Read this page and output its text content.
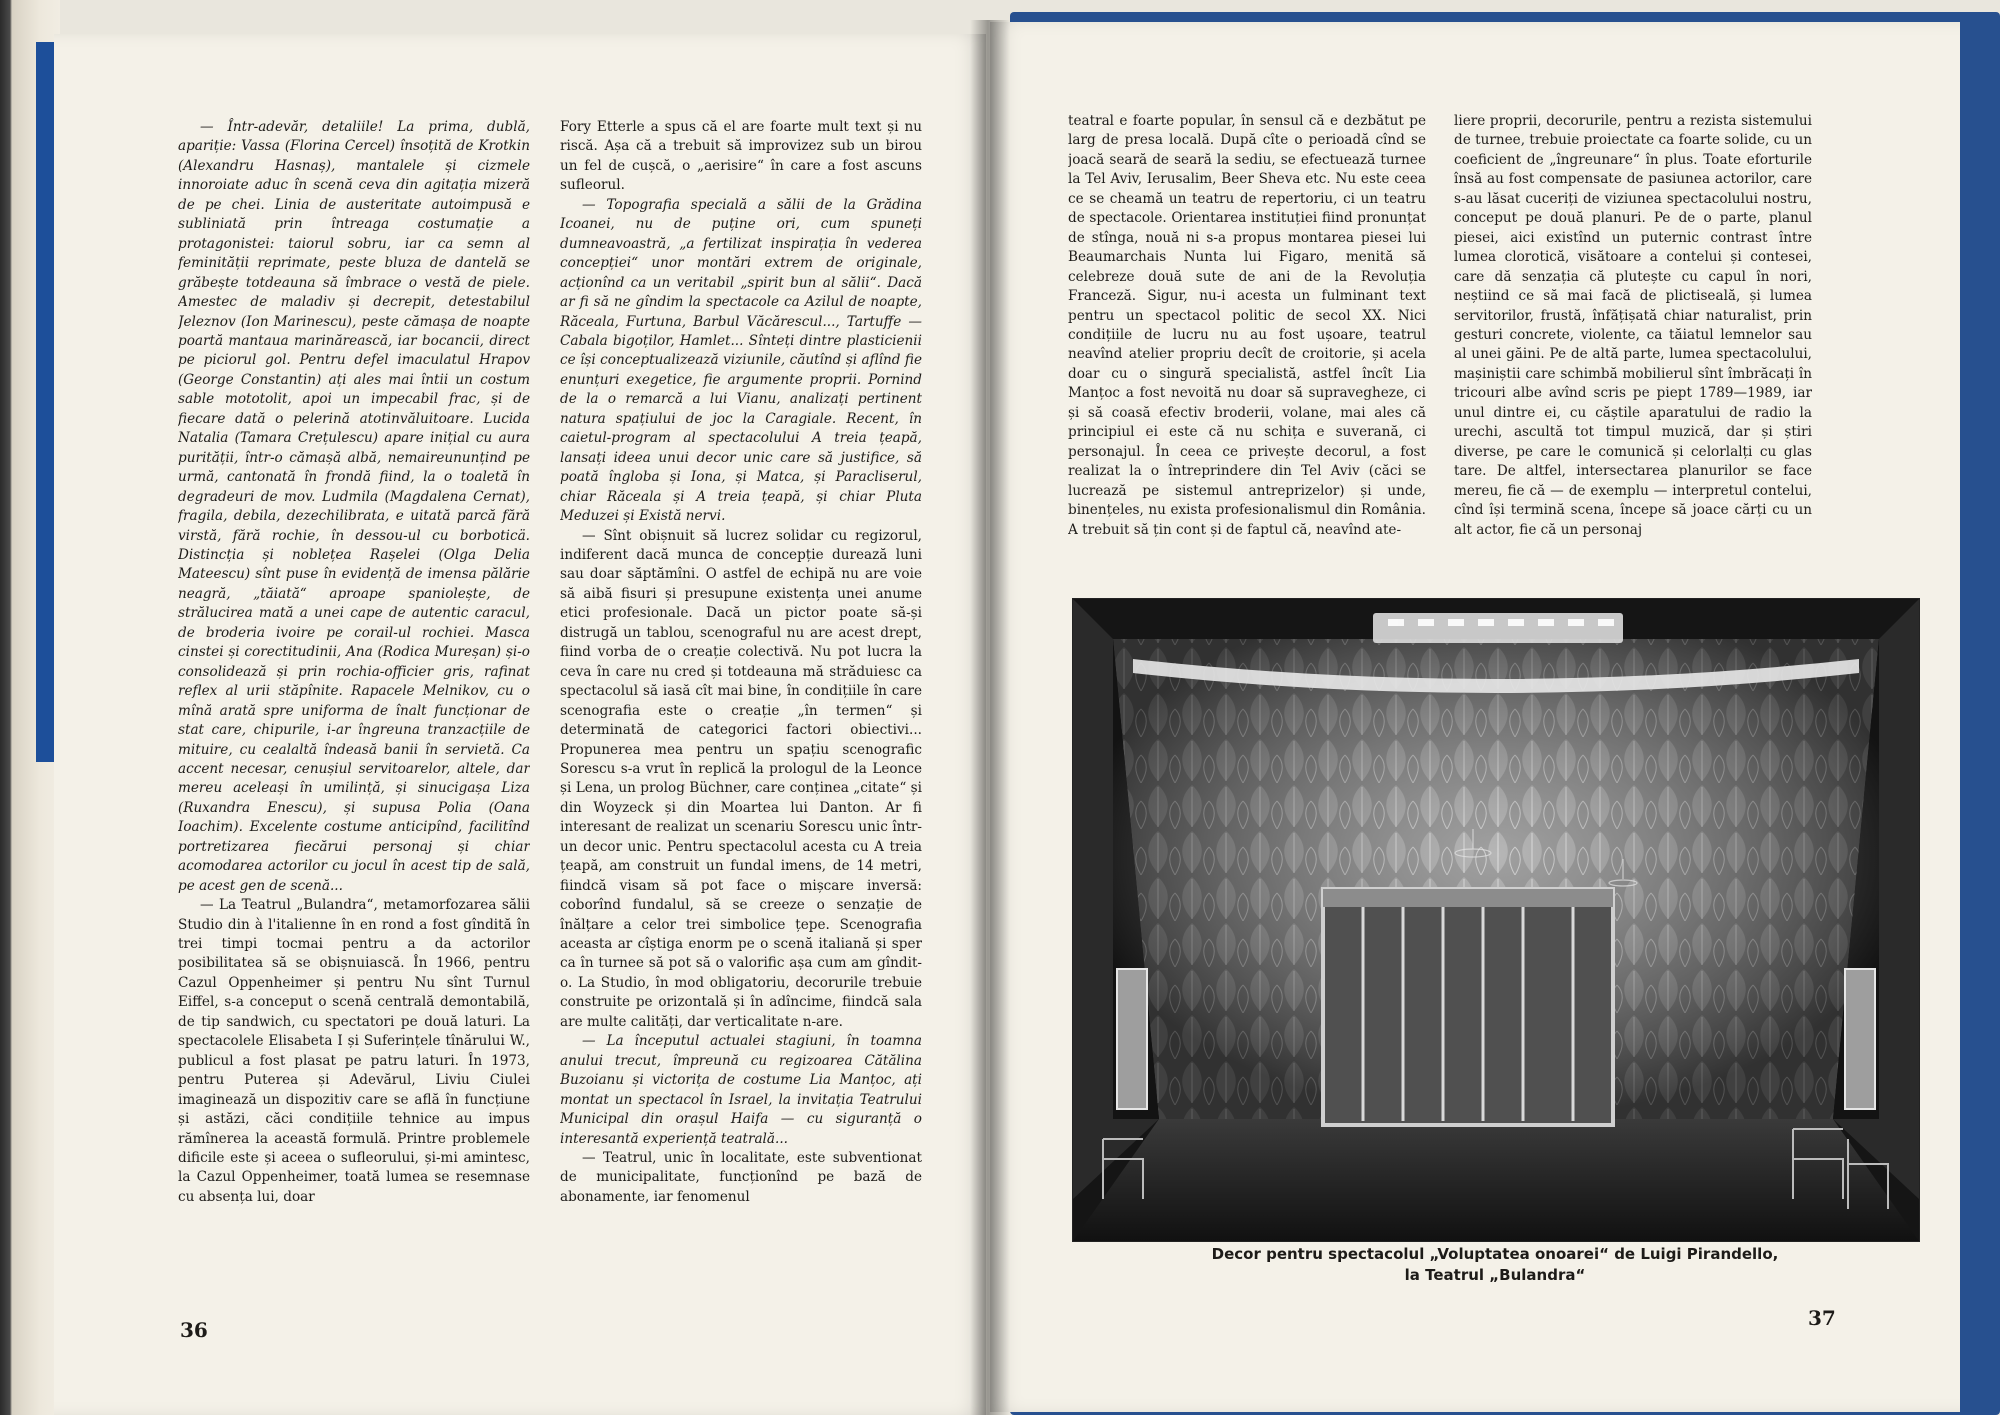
— Într-adevăr, detaliile! La prima, dublă, apariție: Vassa (Florina Cercel) însoțită de Krotkin (Alexandru Hasnaș), mantalele și cizmele innoroiate aduc în scenă ceva din agitația mizeră de pe chei. Linia de austeritate autoimpusă e subliniată prin întreaga costumație a protagonistei: taiorul sobru, iar ca semn al feminității reprimate, peste bluza de dantelă se grăbește totdeauna să îmbrace o vestă de piele. Amestec de maladiv și decrepit, detestabilul Jeleznov (Ion Marinescu), peste cămașa de noapte poartă mantaua marinărească, iar bocancii, direct pe piciorul gol. Pentru defel imaculatul Hrapov (George Constantin) ați ales mai întii un costum sable mototolit, apoi un impecabil frac, și de fiecare dată o pelerină atotinvăluitoare. Lucida Natalia (Tamara Crețulescu) apare inițial cu aura purității, într-o cămașă albă, nemaireununțind pe urmă, cantonată în frondă fiind, la o toaletă în degradeuri de mov. Ludmila (Magdalena Cernat), fragila, debila, dezechilibrata, e uitată parcă fără virstă, fără rochie, în dessou-ul cu borboticä. Distincția și noblețea Rașelei (Olga Delia Mateescu) sînt puse în evidență de imensa pălărie neagră, „tăiată“ aproape spaniolește, de strălucirea mată a unei cape de autentic caracul, de broderia ivoire pe corail-ul rochiei. Masca cinstei și corectitudinii, Ana (Rodica Mureșan) și-o consolidează și prin rochia-officier gris, rafinat reflex al urii stăpînite. Rapacele Melnikov, cu o mînă arată spre uniforma de înalt funcționar de stat care, chipurile, i-ar îngreuna tranzacțiile de mituire, cu cealaltă îndeasă banii în servietă. Ca accent necesar, cenușiul servitoarelor, altele, dar mereu aceleași în umilință, și sinucigașa Liza (Ruxandra Enescu), și supusa Polia (Oana Ioachim). Excelente costume anticipînd, facilitînd portretizarea fiecărui personaj și chiar acomodarea actorilor cu jocul în acest tip de sală, pe acest gen de scenă...

— La Teatrul „Bulandra“, metamorfozarea sălii Studio din à l'italienne în en rond a fost gîndită în trei timpi tocmai pentru a da actorilor posibilitatea să se obișnuiască. În 1966, pentru Cazul Oppenheimer și pentru Nu sînt Turnul Eiffel, s-a conceput o scenă centrală demontabilă, de tip sandwich, cu spectatori pe două laturi. La spectacolele Elisabeta I și Suferințele tînărului W., publicul a fost plasat pe patru laturi. În 1973, pentru Puterea și Adevărul, Liviu Ciulei imaginează un dispozitiv care se află în funcțiune și astăzi, căci condițiile tehnice au impus rămînerea la această formulă. Printre problemele dificile este și aceea o sufleorului, și-mi amintesc, la Cazul Oppenheimer, toată lumea se resemnase cu absența lui, doar

Fory Etterle a spus că el are foarte mult text și nu riscă. Așa că a trebuit să improvizez sub un birou un fel de cușcă, o „aerisire“ în care a fost ascuns sufleorul.

— Topografia specială a sălii de la Grădina Icoanei, nu de puține ori, cum spuneți dumneavoastră, „a fertilizat inspirația în vederea concepției“ unor montări extrem de originale, acționînd ca un veritabil „spirit bun al sălii“. Dacă ar fi să ne gîndim la spectacole ca Azilul de noapte, Răceala, Furtuna, Barbul Văcărescul..., Tartuffe — Cabala bigoților, Hamlet... Sînteți dintre plasticienii ce își conceptualizează viziunile, căutînd și aflînd fie enunțuri exegetice, fie argumente proprii. Pornind de la o remarcă a lui Vianu, analizați pertinent natura spațiului de joc la Caragiale. Recent, în caietul-program al spectacolului A treia țeapă, lansați ideea unui decor unic care să justifice, să poată îngloba și Iona, și Matca, și Paracliserul, chiar Răceala și A treia țeapă, și chiar Pluta Meduzei și Există nervi.

— Sînt obișnuit să lucrez solidar cu regizorul, indiferent dacă munca de concepție durează luni sau doar săptămîni. O astfel de echipă nu are voie să aibă fisuri și presupune existența unei anume etici profesionale. Dacă un pictor poate să-și distrugă un tablou, scenograful nu are acest drept, fiind vorba de o creație colectivă. Nu pot lucra la ceva în care nu cred și totdeauna mă străduiesc ca spectacolul să iasă cît mai bine, în condițiile în care scenografia este o creație „în termen“ și determinată de categorici factori obiectivi... Propunerea mea pentru un spațiu scenografic Sorescu s-a vrut în replică la prologul de la Leonce și Lena, un prolog Büchner, care conținea „citate“ și din Woyzeck și din Moartea lui Danton. Ar fi interesant de realizat un scenariu Sorescu unic într-un decor unic. Pentru spectacolul acesta cu A treia țeapă, am construit un fundal imens, de 14 metri, fiindcă visam să pot face o mișcare inversă: coborînd fundalul, să se creeze o senzație de înălțare a celor trei simbolice țepe. Scenografia aceasta ar cîștiga enorm pe o scenă italiană și sper ca în turnee să pot să o valorific așa cum am gîndit-o. La Studio, în mod obligatoriu, decorurile trebuie construite pe orizontală și în adîncime, fiindcă sala are multe calități, dar verticalitate n-are.

— La începutul actualei stagiuni, în toamna anului trecut, împreună cu regizoarea Cătălina Buzoianu și victorița de costume Lia Manțoc, ați montat un spectacol în Israel, la invitația Teatrului Municipal din orașul Haifa — cu siguranță o interesantă experiență teatrală...

— Teatrul, unic în localitate, este subventionat de municipalitate, funcționînd pe bază de abonamente, iar fenomenul

teatral e foarte popular, în sensul că e dezbătut pe larg de presa locală. După cîte o perioadă cînd se joacă seară de seară la sediu, se efectuează turnee la Tel Aviv, Ierusalim, Beer Sheva etc. Nu este ceea ce se cheamă un teatru de repertoriu, ci un teatru de spectacole. Orientarea instituției fiind pronunțat de stînga, nouă ni s-a propus montarea piesei lui Beaumarchais Nunta lui Figaro, menită să celebreze două sute de ani de la Revoluția Franceză. Sigur, nu-i acesta un fulminant text pentru un spectacol politic de secol XX. Nici condițiile de lucru nu au fost ușoare, teatrul neavînd atelier propriu decît de croitorie, și acela doar cu o singură specialistă, astfel încît Lia Manțoc a fost nevoită nu doar să supravegheze, ci și să coasă efectiv broderii, volane, mai ales că principiul ei este că nu schița e suverană, ci personajul. În ceea ce privește decorul, a fost realizat la o întreprindere din Tel Aviv (căci se lucrează pe sistemul antreprizelor) și unde, binențeles, nu exista profesionalismul din România. A trebuit să țin cont și de faptul că, neavînd ate-

liere proprii, decorurile, pentru a rezista sistemului de turnee, trebuie proiectate ca foarte solide, cu un coeficient de „îngreunare“ în plus. Toate eforturile însă au fost compensate de pasiunea actorilor, care s-au lăsat cuceriți de viziunea spectacolului nostru, conceput pe două planuri. Pe de o parte, planul piesei, aici existînd un puternic contrast între lumea clorotică, visătoare a contelui și contesei, care dă senzația că plutește cu capul în nori, neștiind ce să mai facă de plictiseală, și lumea servitorilor, frustă, înfățișată chiar naturalist, prin gesturi concrete, violente, ca tăiatul lemnelor sau al unei găini. Pe de altă parte, lumea spectacolului, mașiniștii care schimbă mobilierul sînt îmbrăcați în tricouri albe avînd scris pe piept 1789—1989, iar unul dintre ei, cu căștile aparatului de radio la urechi, ascultă tot timpul muzică, dar și știri diverse, pe care le comunică și celorlalți cu glas tare. De altfel, intersectarea planurilor se face mereu, fie că — de exemplu — interpretul contelui, cînd își termină scena, începe să joace cărți cu un alt actor, fie că un personaj

Decor pentru spectacolul „Voluptatea onoarei“ de Luigi Pirandello,
la Teatrul „Bulandra“
36	37
